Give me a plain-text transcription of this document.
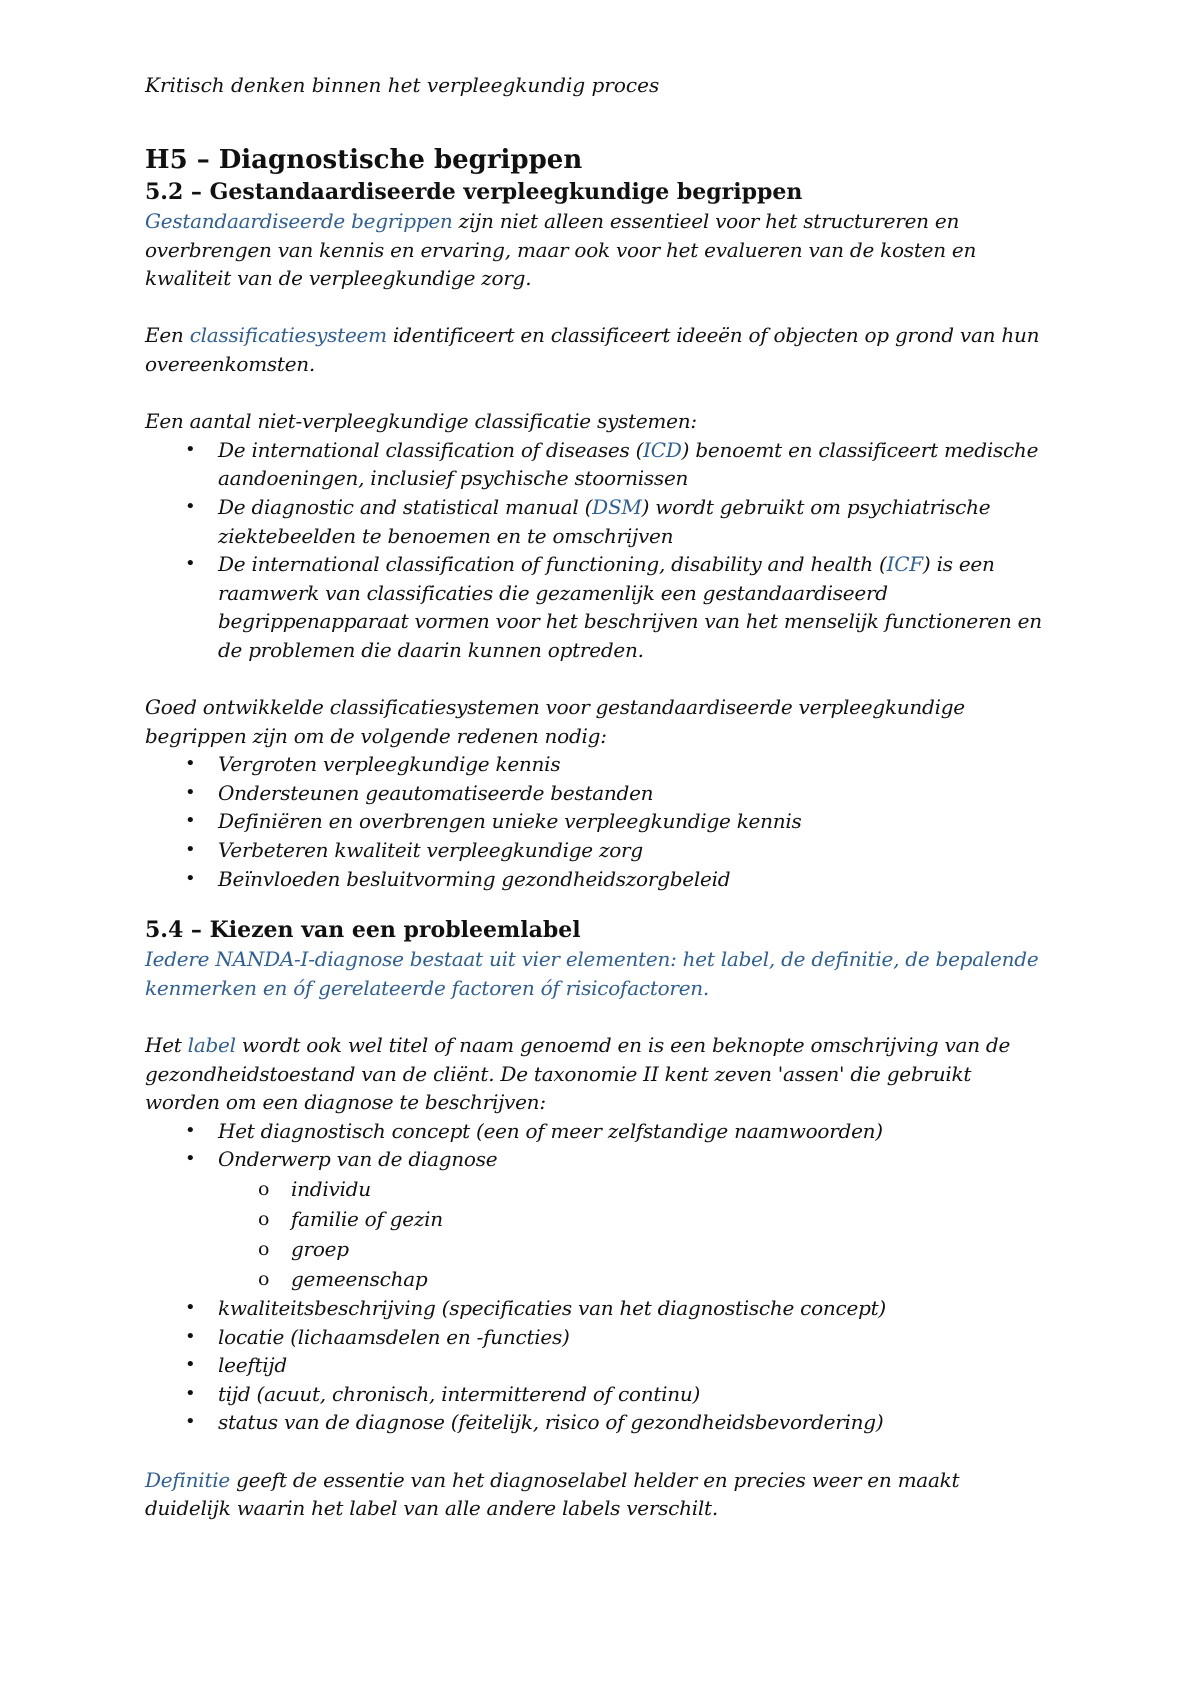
Kritisch denken binnen het verpleegkundig proces
H5 – Diagnostische begrippen
5.2 – Gestandaardiseerde verpleegkundige begrippen

Gestandaardiseerde begrippen zijn niet alleen essentieel voor het structureren en overbrengen van kennis en ervaring, maar ook voor het evalueren van de kosten en kwaliteit van de verpleegkundige zorg.

Een classificatiesysteem identificeert en classificeert ideeën of objecten op grond van hun overeenkomsten.

Een aantal niet-verpleegkundige classificatie systemen:

• De international classification of diseases (ICD) benoemt en classificeert medische aandoeningen, inclusief psychische stoornissen
• De diagnostic and statistical manual (DSM) wordt gebruikt om psychiatrische ziektebeelden te benoemen en te omschrijven
• De international classification of functioning, disability and health (ICF) is een raamwerk van classificaties die gezamenlijk een gestandaardiseerd begrippenapparaat vormen voor het beschrijven van het menselijk functioneren en de problemen die daarin kunnen optreden.

Goed ontwikkelde classificatiesystemen voor gestandaardiseerde verpleegkundige begrippen zijn om de volgende redenen nodig:

• Vergroten verpleegkundige kennis
• Ondersteunen geautomatiseerde bestanden
• Definiëren en overbrengen unieke verpleegkundige kennis
• Verbeteren kwaliteit verpleegkundige zorg
• Beïnvloeden besluitvorming gezondheidszorgbeleid
5.4 – Kiezen van een probleemlabel

Iedere NANDA-I-diagnose bestaat uit vier elementen: het label, de definitie, de bepalende kenmerken en óf gerelateerde factoren óf risicofactoren.

Het label wordt ook wel titel of naam genoemd en is een beknopte omschrijving van de gezondheidstoestand van de cliënt. De taxonomie II kent zeven 'assen' die gebruikt worden om een diagnose te beschrijven:

• Het diagnostisch concept (een of meer zelfstandige naamwoorden)
• Onderwerp van de diagnose
o individu
o familie of gezin
o groep
o gemeenschap
• kwaliteitsbeschrijving (specificaties van het diagnostische concept)
• locatie (lichaamsdelen en -functies)
• leeftijd
• tijd (acuut, chronisch, intermitterend of continu)
• status van de diagnose (feitelijk, risico of gezondheidsbevordering)

Definitie geeft de essentie van het diagnoselabel helder en precies weer en maakt duidelijk waarin het label van alle andere labels verschilt.
